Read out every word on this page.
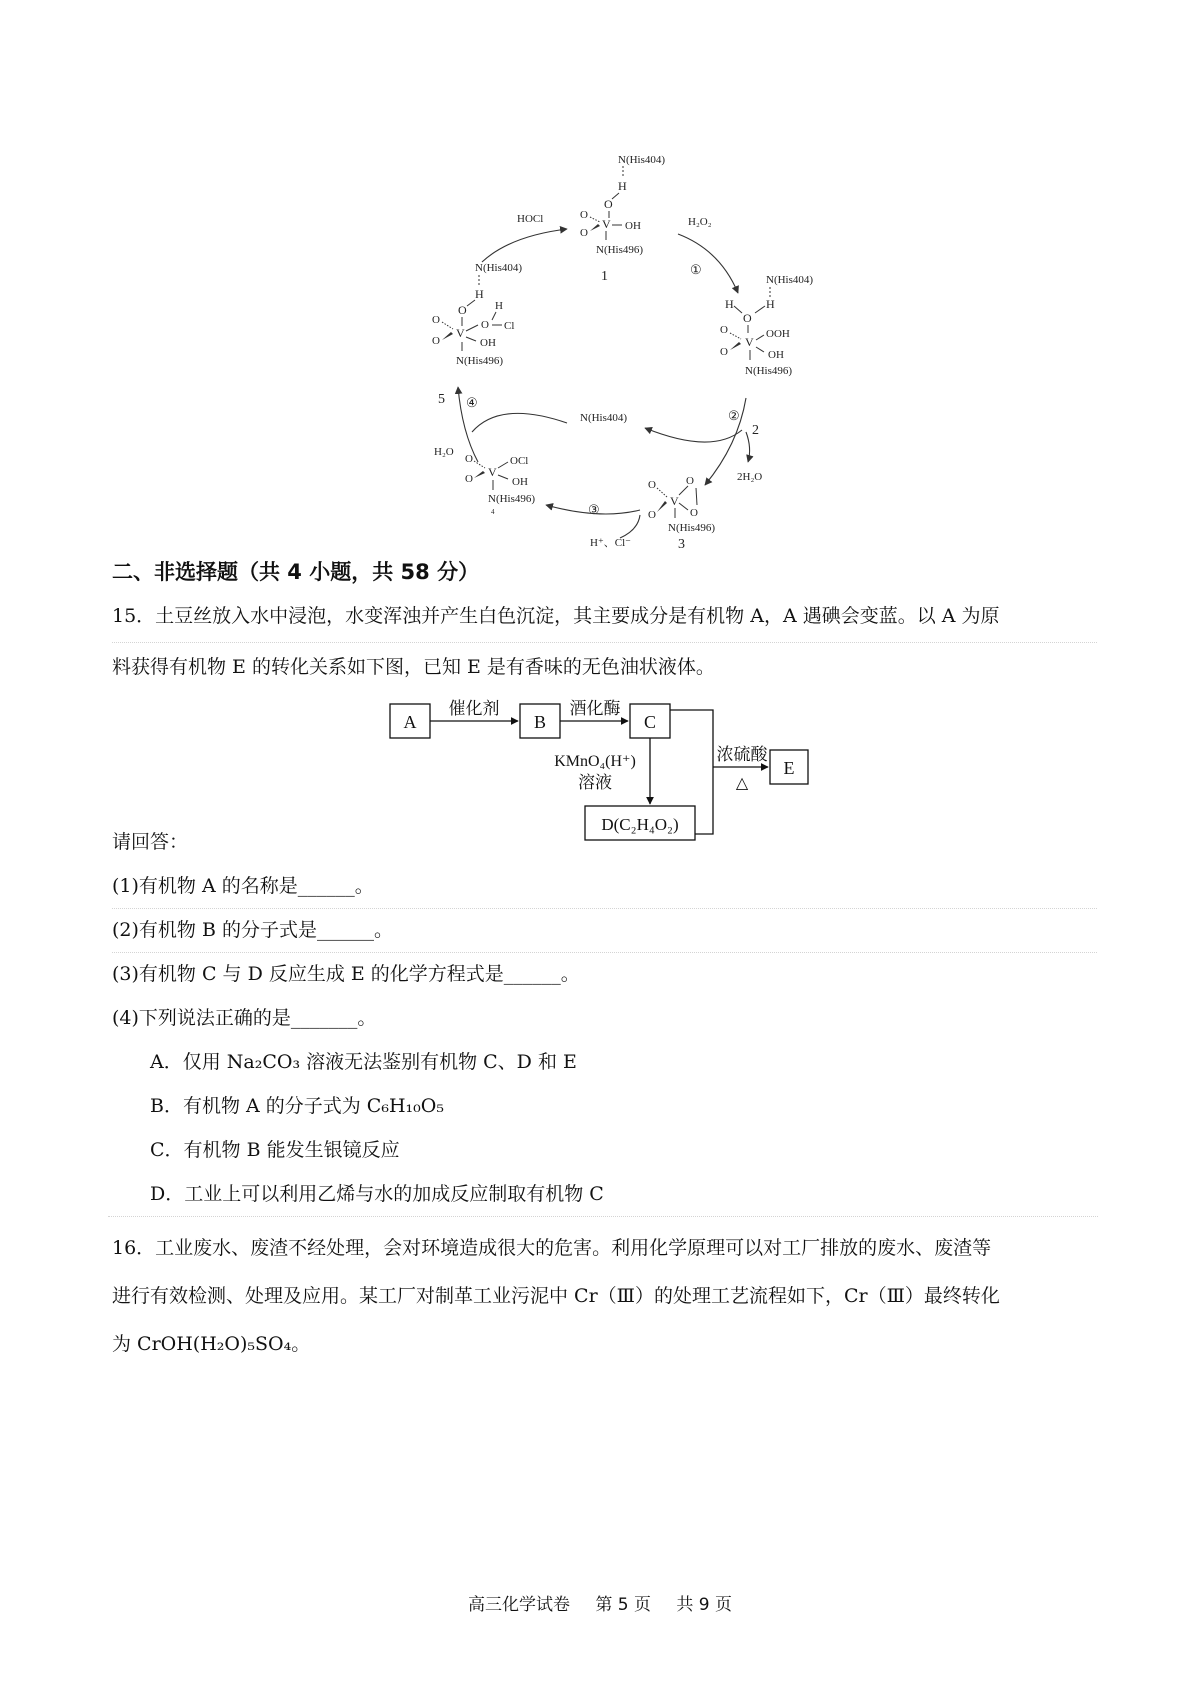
N(His404)
H
O
O
O
V OH
N(His496)
1
HOCl	H₂O₂
①
N(His404)
H
H
O
O
O
V
OOH
OH
N(His496)
②
2
N(His404)
2H₂O
O
O
V
O
O
N(His496)
3
③
H⁺、Cl⁻
O
O V
OCl
OH
N(His496)
4
H₂O
④
5
N(His404)
H
O	H
O Cl
O
O
V
OH
N(His496)
二、非选择题（共 4 小题，共 58 分）
15．土豆丝放入水中浸泡，水变浑浊并产生白色沉淀，其主要成分是有机物 A，A 遇碘会变蓝。以 A 为原
料获得有机物 E 的转化关系如下图，已知 E 是有香味的无色油状液体。
A	B	C
D(C₂H₄O₂)
E
催化剂	酒化酶
KMnO₄(H⁺)
溶液
浓硫酸
△
请回答：
(1)有机物 A 的名称是______。
(2)有机物 B 的分子式是______。
(3)有机物 C 与 D 反应生成 E 的化学方程式是______。
(4)下列说法正确的是_______。
A．仅用 Na₂CO₃ 溶液无法鉴别有机物 C、D 和 E
B．有机物 A 的分子式为 C₆H₁₀O₅
C．有机物 B 能发生银镜反应
D．工业上可以利用乙烯与水的加成反应制取有机物 C
16．工业废水、废渣不经处理，会对环境造成很大的危害。利用化学原理可以对工厂排放的废水、废渣等
进行有效检测、处理及应用。某工厂对制革工业污泥中 Cr（Ⅲ）的处理工艺流程如下，Cr（Ⅲ）最终转化
为 CrOH(H₂O)₅SO₄。
高三化学试卷 第 5 页 共 9 页
